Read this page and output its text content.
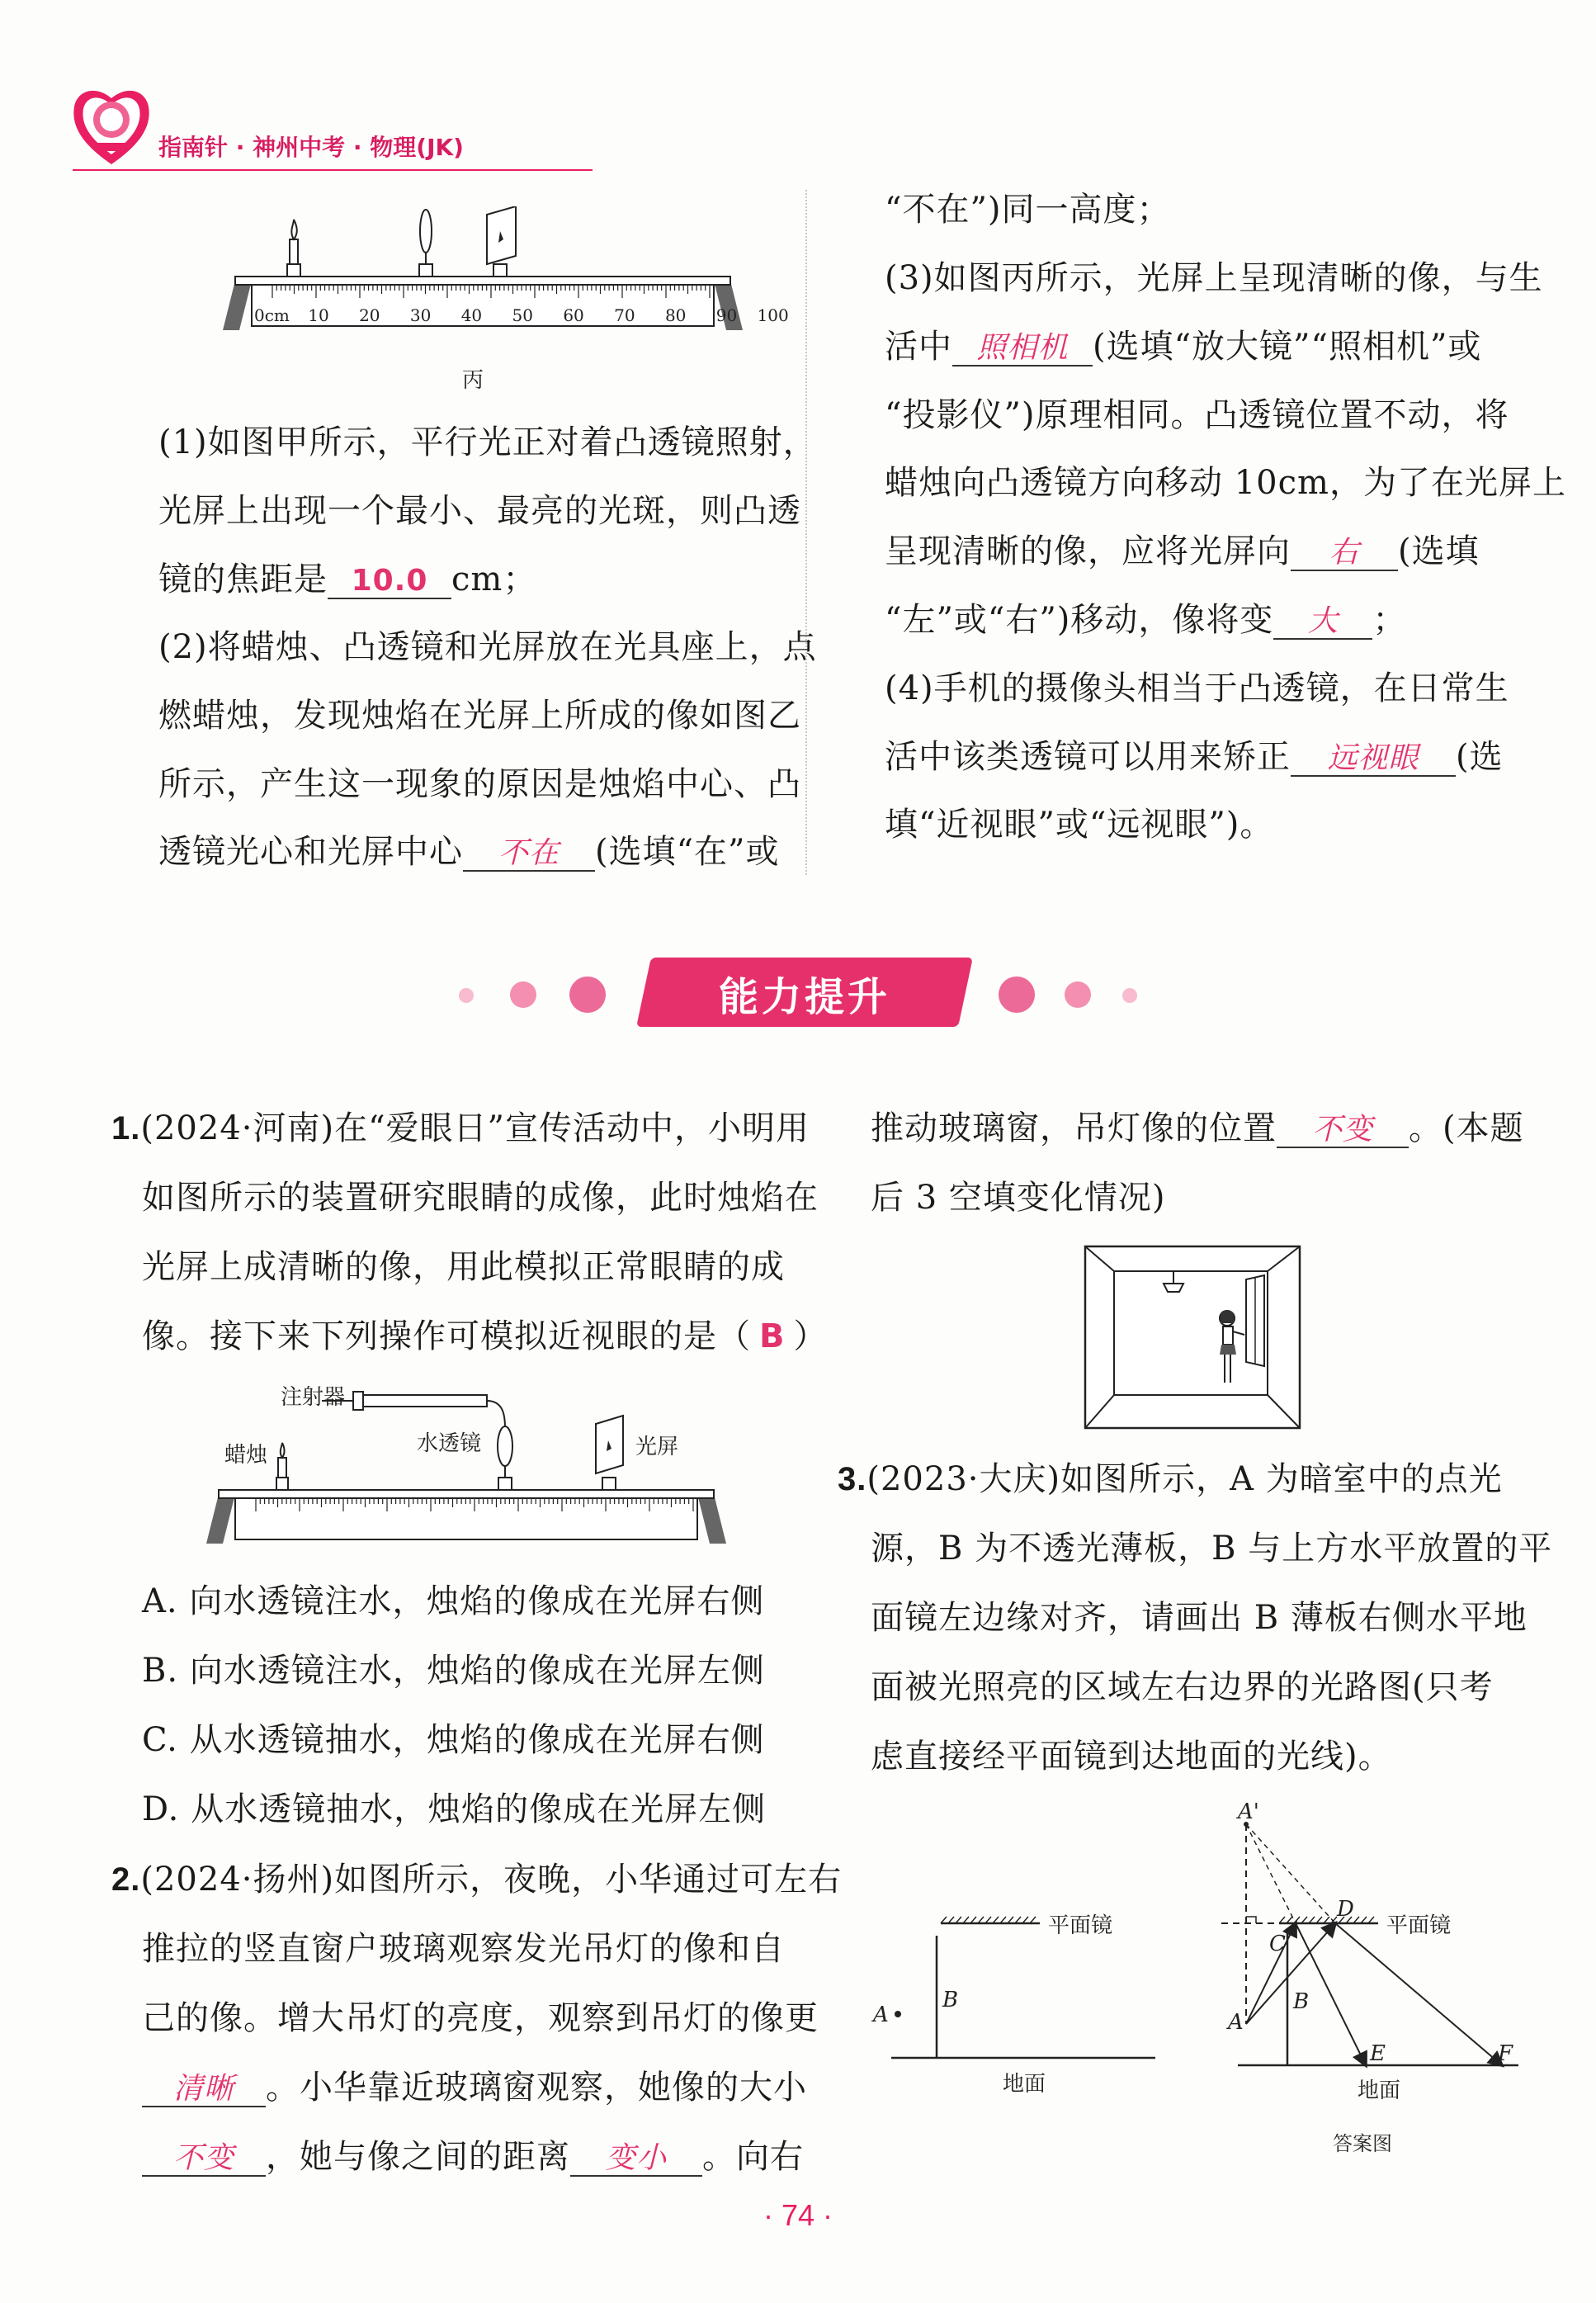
指南针 · 神州中考 · 物理(JK)
0cm 10 20 30 40 50 60 70 80 90 100
丙
(1)如图甲所示，平行光正对着凸透镜照射，
光屏上出现一个最小、最亮的光斑，则凸透
镜的焦距是 10.0 cm；
(2)将蜡烛、凸透镜和光屏放在光具座上，点
燃蜡烛，发现烛焰在光屏上所成的像如图乙
所示，产生这一现象的原因是烛焰中心、凸
透镜光心和光屏中心 不在 (选填“在”或
“不在”)同一高度；
(3)如图丙所示，光屏上呈现清晰的像，与生
活中 照相机 (选填“放大镜”“照相机”或
“投影仪”)原理相同。凸透镜位置不动，将
蜡烛向凸透镜方向移动 10cm，为了在光屏上
呈现清晰的像，应将光屏向 右 (选填
“左”或“右”)移动，像将变 大 ；
(4)手机的摄像头相当于凸透镜，在日常生
活中该类透镜可以用来矫正 远视眼 (选
填“近视眼”或“远视眼”)。
能力提升
1.(2024·河南)在“爱眼日”宣传活动中，小明用
如图所示的装置研究眼睛的成像，此时烛焰在
光屏上成清晰的像，用此模拟正常眼睛的成
像。接下来下列操作可模拟近视眼的是（ B ）
注射器
蜡烛	水透镜	光屏
A. 向水透镜注水，烛焰的像成在光屏右侧
B. 向水透镜注水，烛焰的像成在光屏左侧
C. 从水透镜抽水，烛焰的像成在光屏右侧
D. 从水透镜抽水，烛焰的像成在光屏左侧
2.(2024·扬州)如图所示，夜晚，小华通过可左右
推拉的竖直窗户玻璃观察发光吊灯的像和自
己的像。增大吊灯的亮度，观察到吊灯的像更
清晰 。小华靠近玻璃窗观察，她像的大小
不变 ，她与像之间的距离 变小 。向右
推动玻璃窗，吊灯像的位置 不变 。(本题
后 3 空填变化情况)
3.(2023·大庆)如图所示，A 为暗室中的点光
源，B 为不透光薄板，B 与上方水平放置的平
面镜左边缘对齐，请画出 B 薄板右侧水平地
面被光照亮的区域左右边界的光路图(只考
虑直接经平面镜到达地面的光线)。
平面镜
B
A
地面
A'
D
平面镜
C
B
A
E	F
地面
答案图
· 74 ·
